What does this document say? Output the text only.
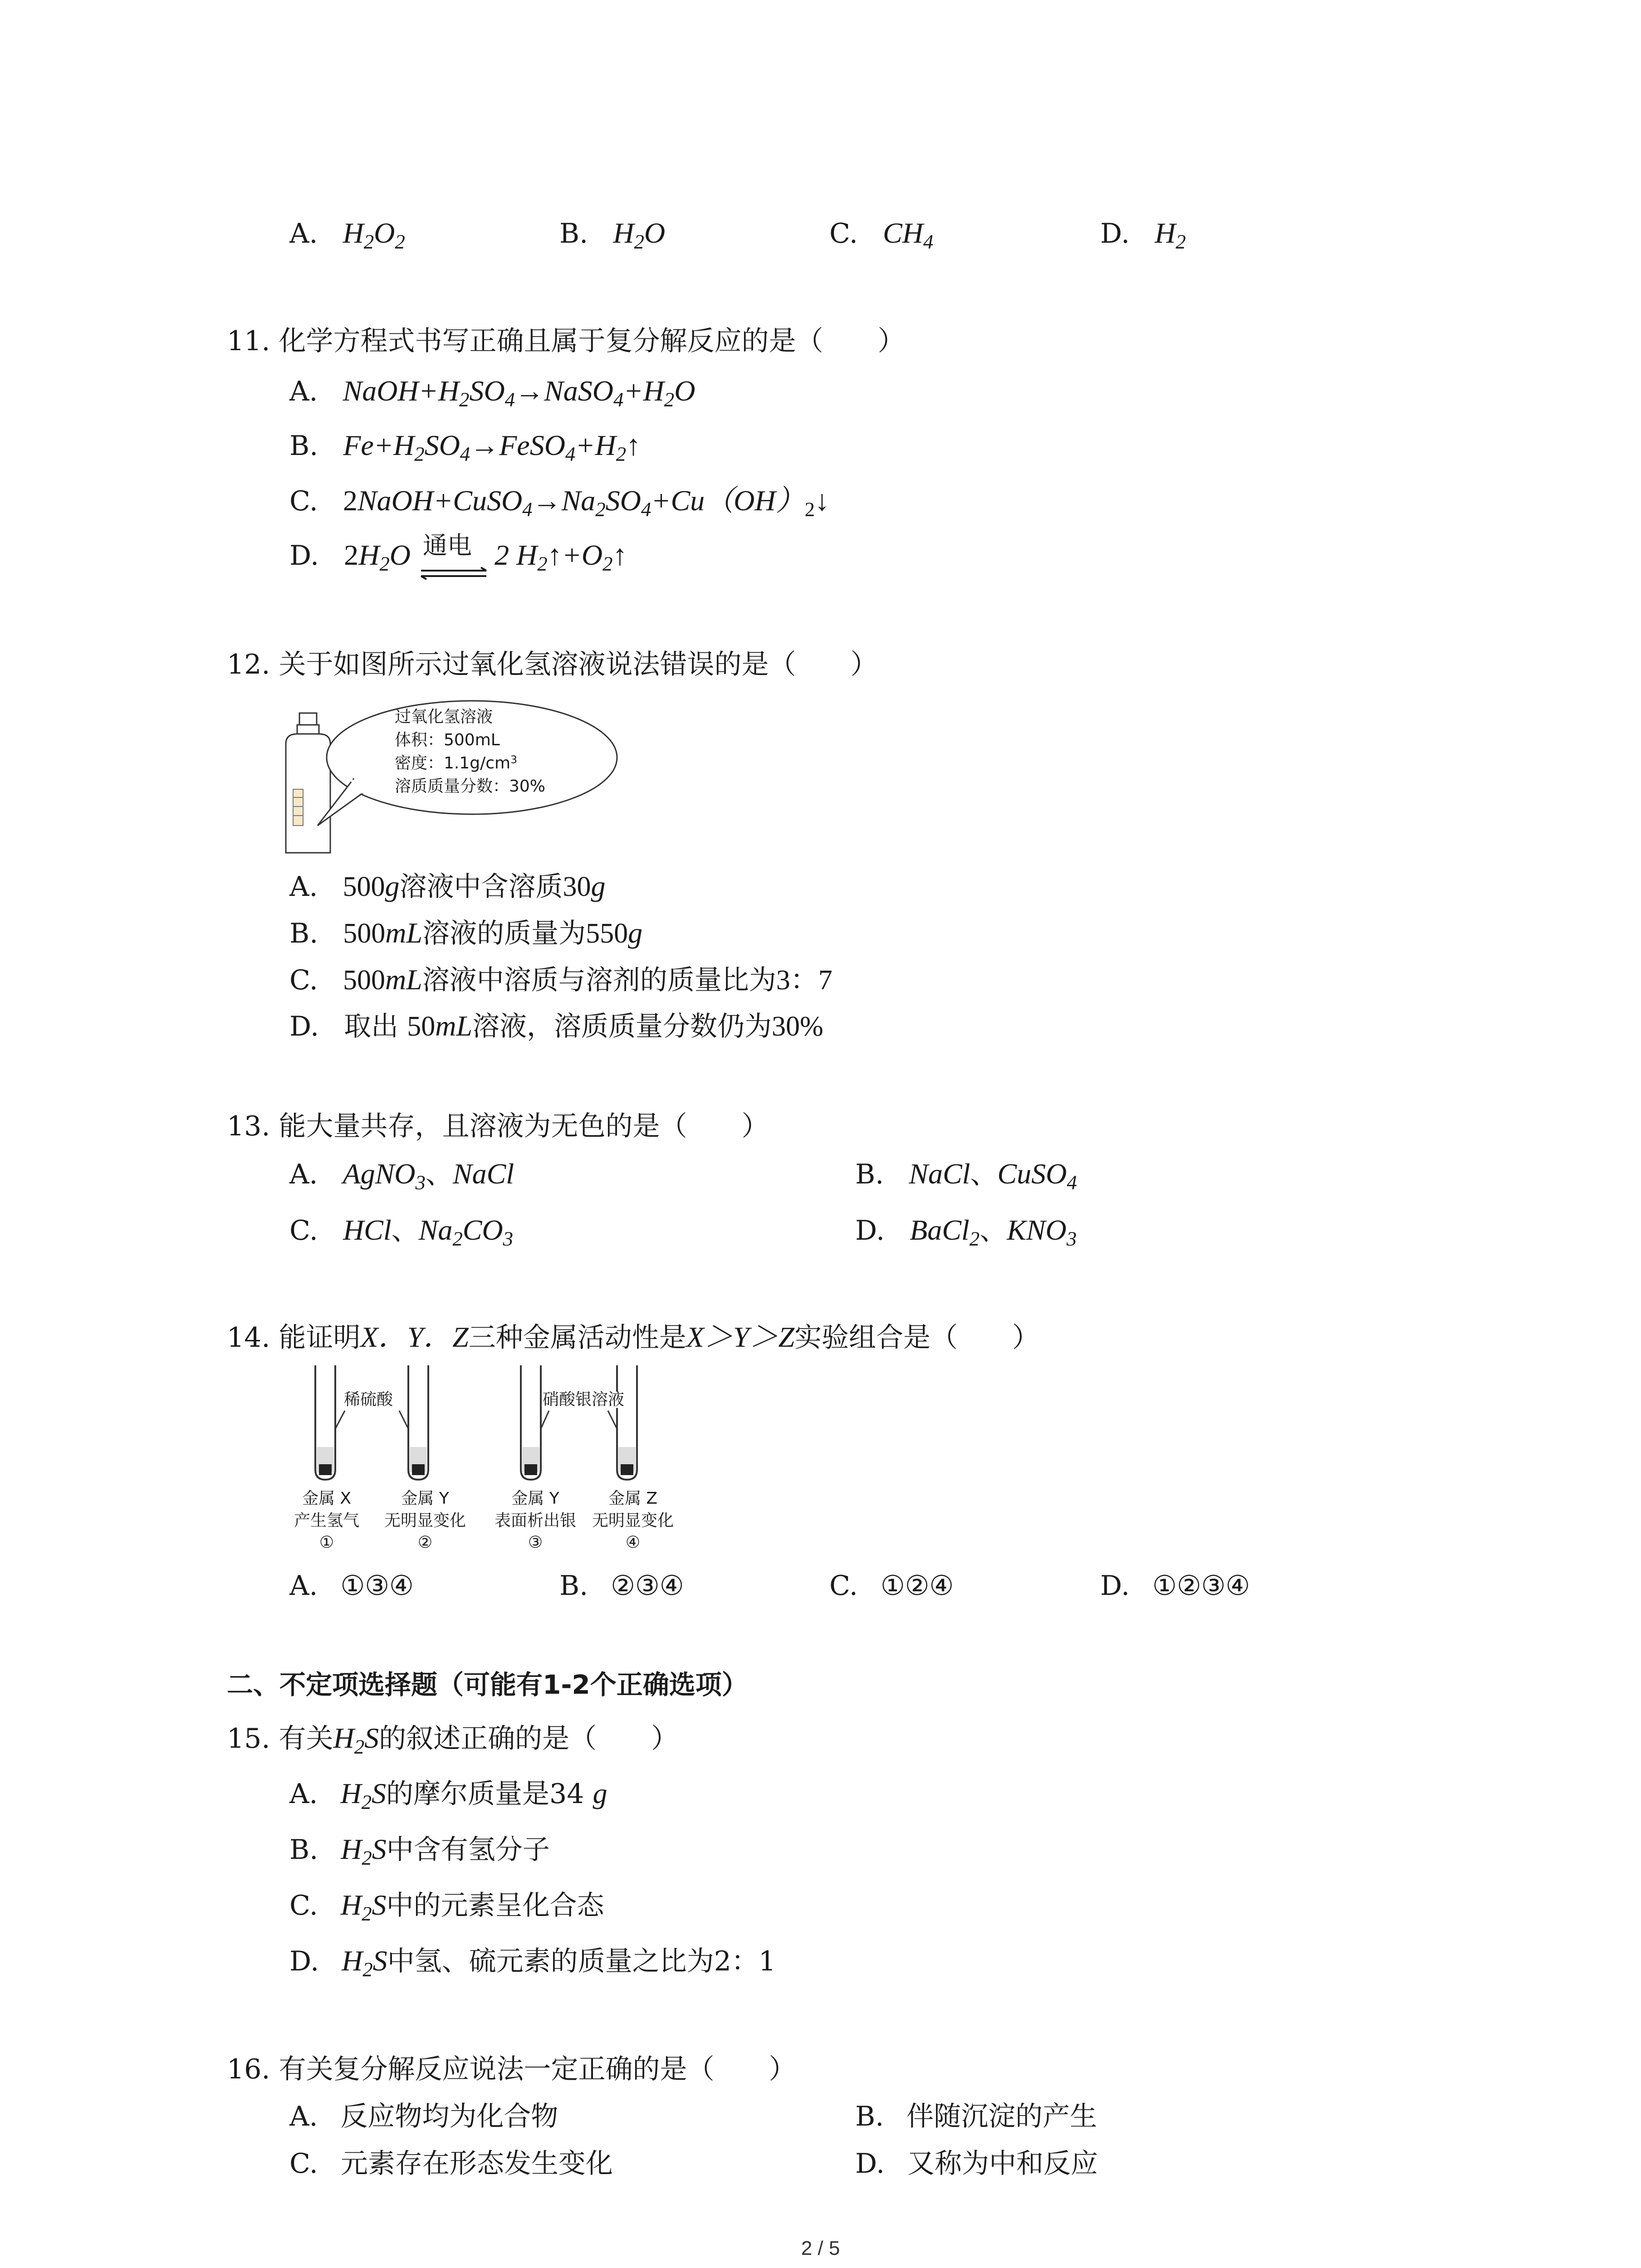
A. $H_2O_2$	B. $H_2O$	C. $CH_4$	D. $H_2$
11. 化学方程式书写正确且属于复分解反应的是（　　）
A. $NaOH+H_2SO_4\to NaSO_4+H_2O$
B. $Fe+H_2SO_4\to FeSO_4+H_2↑$
C. $2NaOH+CuSO_4\to Na_2SO_4+Cu(OH)_2↓$
D. $2H_2O$ 通电 2 $H_2↑+O_2↑$
12. 关于如图所示过氧化氢溶液说法错误的是（　　）
过氧化氢溶液
体积：500mL
密度：$1.1g/cm^3$
溶质质量分数：30%
A. 500g溶液中含溶质30g
B. 500mL溶液的质量为550g
C. 500mL溶液中溶质与溶剂的质量比为3：7
D. 取出 50mL溶液，溶质质量分数仍为30%
13. 能大量共存，且溶液为无色的是（　　）
A. AgNO$_3$、NaCl	B. NaCl、CuSO$_4$
C. HCl、$Na_2CO_3$	D. BaCl$_2$、$KNO_3$
14. 能证明X．Y．Z三种金属活动性是X＞Y＞Z实验组合是（　　）
稀硫酸	硝酸银溶液
金属 X
产生氢气
①
金属 Y
无明显变化
②
金属 Y
表面析出银
③
金属 Z
无明显变化
④
A. ①③④	B. ②③④	C. ①②④	D. ①②③④
二、不定项选择题（可能有1-2个正确选项）
15. 有关$H_2S$的叙述正确的是（　　）
A. $H_2S$的摩尔质量是34 g
B. $H_2S$中含有氢分子
C. $H_2S$中的元素呈化合态
D. $H_2S$中氢、硫元素的质量之比为2：1
16. 有关复分解反应说法一定正确的是（　　）
A. 反应物均为化合物	B. 伴随沉淀的产生
C. 元素存在形态发生变化	D. 又称为中和反应
2 / 5
